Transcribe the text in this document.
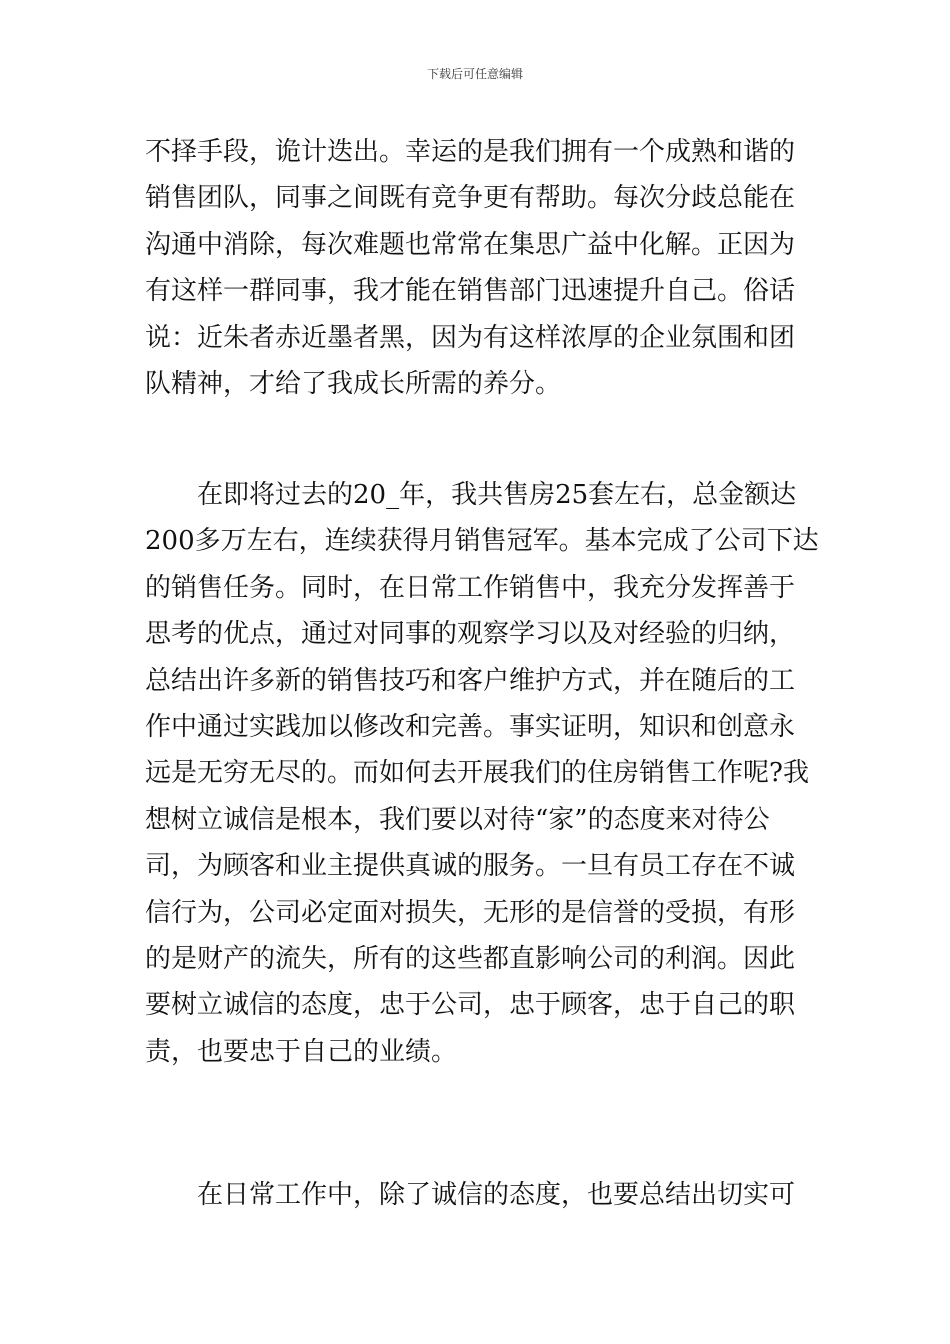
下载后可任意编辑
不择手段，诡计迭出。幸运的是我们拥有一个成熟和谐的
销售团队，同事之间既有竞争更有帮助。每次分歧总能在
沟通中消除，每次难题也常常在集思广益中化解。正因为
有这样一群同事，我才能在销售部门迅速提升自己。俗话
说：近朱者赤近墨者黑，因为有这样浓厚的企业氛围和团
队精神，才给了我成长所需的养分。
在即将过去的20_年，我共售房25套左右，总金额达
200多万左右，连续获得月销售冠军。基本完成了公司下达
的销售任务。同时，在日常工作销售中，我充分发挥善于
思考的优点，通过对同事的观察学习以及对经验的归纳，
总结出许多新的销售技巧和客户维护方式，并在随后的工
作中通过实践加以修改和完善。事实证明，知识和创意永
远是无穷无尽的。而如何去开展我们的住房销售工作呢?我
想树立诚信是根本，我们要以对待“家”的态度来对待公
司，为顾客和业主提供真诚的服务。一旦有员工存在不诚
信行为，公司必定面对损失，无形的是信誉的受损，有形
的是财产的流失，所有的这些都直影响公司的利润。因此
要树立诚信的态度，忠于公司，忠于顾客，忠于自己的职
责，也要忠于自己的业绩。
在日常工作中，除了诚信的态度，也要总结出切实可
